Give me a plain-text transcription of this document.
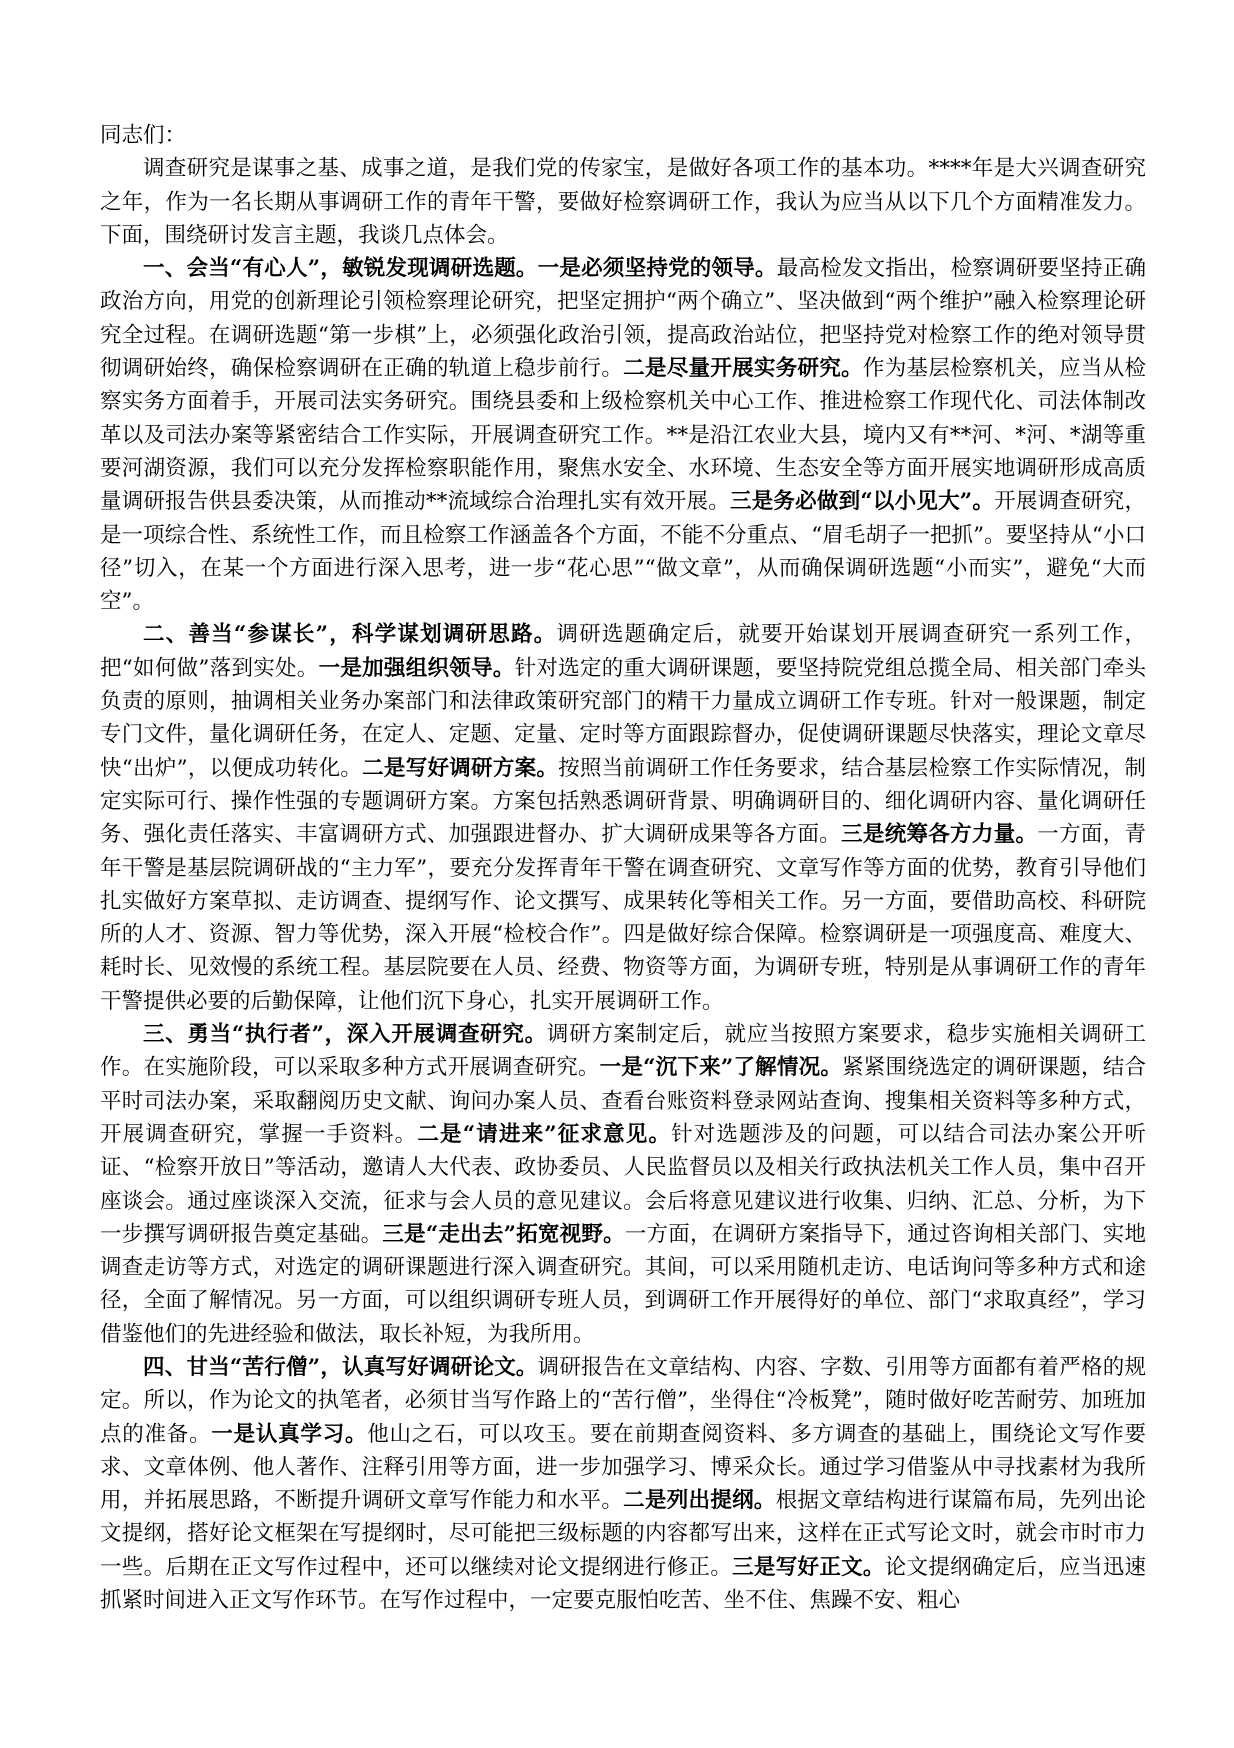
同志们：

调查研究是谋事之基、成事之道，是我们党的传家宝，是做好各项工作的基本功。****年是大兴调查研究之年，作为一名长期从事调研工作的青年干警，要做好检察调研工作，我认为应当从以下几个方面精准发力。下面，围绕研讨发言主题，我谈几点体会。

一、会当“有心人”，敏锐发现调研选题。一是必须坚持党的领导。最高检发文指出，检察调研要坚持正确政治方向，用党的创新理论引领检察理论研究，把坚定拥护“两个确立”、坚决做到“两个维护”融入检察理论研究全过程。在调研选题“第一步棋”上，必须强化政治引领，提高政治站位，把坚持党对检察工作的绝对领导贯彻调研始终，确保检察调研在正确的轨道上稳步前行。二是尽量开展实务研究。作为基层检察机关，应当从检察实务方面着手，开展司法实务研究。围绕县委和上级检察机关中心工作、推进检察工作现代化、司法体制改革以及司法办案等紧密结合工作实际，开展调查研究工作。**是沿江农业大县，境内又有**河、*河、*湖等重要河湖资源，我们可以充分发挥检察职能作用，聚焦水安全、水环境、生态安全等方面开展实地调研形成高质量调研报告供县委决策，从而推动**流域综合治理扎实有效开展。三是务必做到“以小见大”。开展调查研究，是一项综合性、系统性工作，而且检察工作涵盖各个方面，不能不分重点、“眉毛胡子一把抓”。要坚持从“小口径”切入，在某一个方面进行深入思考，进一步“花心思”“做文章”，从而确保调研选题“小而实”，避免“大而空”。

二、善当“参谋长”，科学谋划调研思路。调研选题确定后，就要开始谋划开展调查研究一系列工作，把“如何做”落到实处。一是加强组织领导。针对选定的重大调研课题，要坚持院党组总揽全局、相关部门牵头负责的原则，抽调相关业务办案部门和法律政策研究部门的精干力量成立调研工作专班。针对一般课题，制定专门文件，量化调研任务，在定人、定题、定量、定时等方面跟踪督办，促使调研课题尽快落实，理论文章尽快“出炉”，以便成功转化。二是写好调研方案。按照当前调研工作任务要求，结合基层检察工作实际情况，制定实际可行、操作性强的专题调研方案。方案包括熟悉调研背景、明确调研目的、细化调研内容、量化调研任务、强化责任落实、丰富调研方式、加强跟进督办、扩大调研成果等各方面。三是统筹各方力量。一方面，青年干警是基层院调研战的“主力军”，要充分发挥青年干警在调查研究、文章写作等方面的优势，教育引导他们扎实做好方案草拟、走访调查、提纲写作、论文撰写、成果转化等相关工作。另一方面，要借助高校、科研院所的人才、资源、智力等优势，深入开展“检校合作”。四是做好综合保障。检察调研是一项强度高、难度大、耗时长、见效慢的系统工程。基层院要在人员、经费、物资等方面，为调研专班，特别是从事调研工作的青年干警提供必要的后勤保障，让他们沉下身心，扎实开展调研工作。

三、勇当“执行者”，深入开展调查研究。调研方案制定后，就应当按照方案要求，稳步实施相关调研工作。在实施阶段，可以采取多种方式开展调查研究。一是“沉下来”了解情况。紧紧围绕选定的调研课题，结合平时司法办案，采取翻阅历史文献、询问办案人员、查看台账资料登录网站查询、搜集相关资料等多种方式，开展调查研究，掌握一手资料。二是“请进来”征求意见。针对选题涉及的问题，可以结合司法办案公开听证、“检察开放日”等活动，邀请人大代表、政协委员、人民监督员以及相关行政执法机关工作人员，集中召开座谈会。通过座谈深入交流，征求与会人员的意见建议。会后将意见建议进行收集、归纳、汇总、分析，为下一步撰写调研报告奠定基础。三是“走出去”拓宽视野。一方面，在调研方案指导下，通过咨询相关部门、实地调查走访等方式，对选定的调研课题进行深入调查研究。其间，可以采用随机走访、电话询问等多种方式和途径，全面了解情况。另一方面，可以组织调研专班人员，到调研工作开展得好的单位、部门“求取真经”，学习借鉴他们的先进经验和做法，取长补短，为我所用。

四、甘当“苦行僧”，认真写好调研论文。调研报告在文章结构、内容、字数、引用等方面都有着严格的规定。所以，作为论文的执笔者，必须甘当写作路上的“苦行僧”，坐得住“冷板凳”，随时做好吃苦耐劳、加班加点的准备。一是认真学习。他山之石，可以攻玉。要在前期查阅资料、多方调查的基础上，围绕论文写作要求、文章体例、他人著作、注释引用等方面，进一步加强学习、博采众长。通过学习借鉴从中寻找素材为我所用，并拓展思路，不断提升调研文章写作能力和水平。二是列出提纲。根据文章结构进行谋篇布局，先列出论文提纲，搭好论文框架在写提纲时，尽可能把三级标题的内容都写出来，这样在正式写论文时，就会市时市力一些。后期在正文写作过程中，还可以继续对论文提纲进行修正。三是写好正文。论文提纲确定后，应当迅速抓紧时间进入正文写作环节。在写作过程中，一定要克服怕吃苦、坐不住、焦躁不安、粗心
